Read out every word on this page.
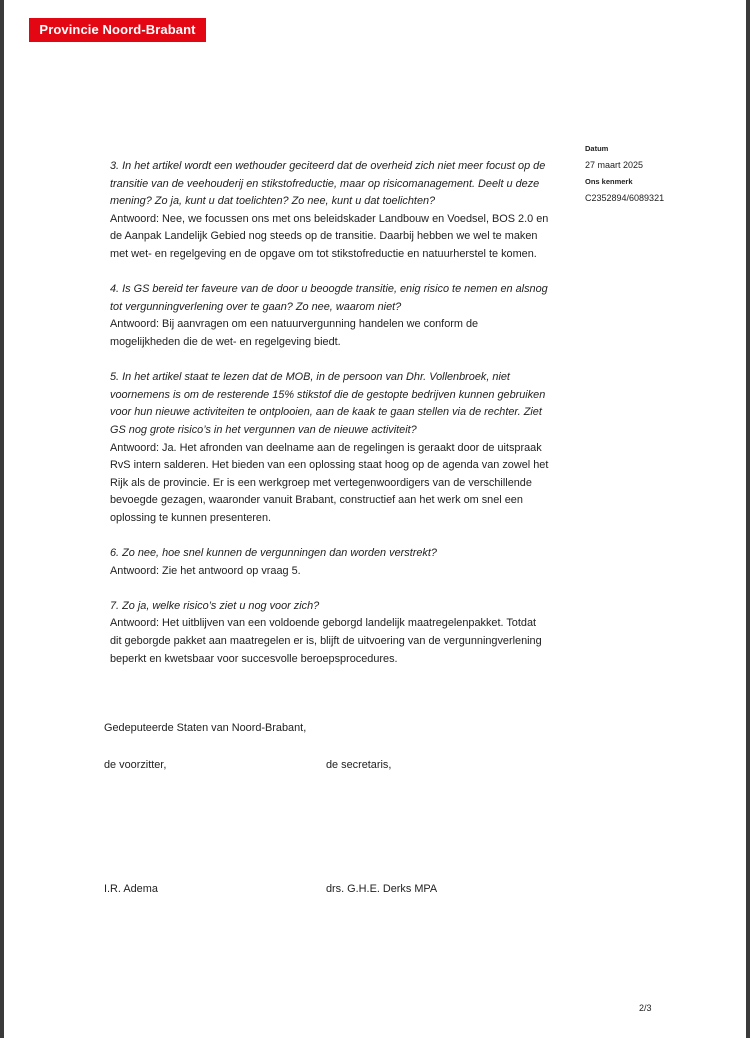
Provincie Noord-Brabant
Datum
27 maart 2025
Ons kenmerk
C2352894/6089321
3. In het artikel wordt een wethouder geciteerd dat de overheid zich niet meer focust op de transitie van de veehouderij en stikstofreductie, maar op risicomanagement. Deelt u deze mening? Zo ja, kunt u dat toelichten? Zo nee, kunt u dat toelichten?
Antwoord: Nee, we focussen ons met ons beleidskader Landbouw en Voedsel, BOS 2.0 en de Aanpak Landelijk Gebied nog steeds op de transitie. Daarbij hebben we wel te maken met wet- en regelgeving en de opgave om tot stikstofreductie en natuurherstel te komen.
4. Is GS bereid ter faveure van de door u beoogde transitie, enig risico te nemen en alsnog tot vergunningverlening over te gaan? Zo nee, waarom niet?
Antwoord: Bij aanvragen om een natuurvergunning handelen we conform de mogelijkheden die de wet- en regelgeving biedt.
5. In het artikel staat te lezen dat de MOB, in de persoon van Dhr. Vollenbroek, niet voornemens is om de resterende 15% stikstof die de gestopte bedrijven kunnen gebruiken voor hun nieuwe activiteiten te ontplooien, aan de kaak te gaan stellen via de rechter. Ziet GS nog grote risico’s in het vergunnen van de nieuwe activiteit?
Antwoord: Ja. Het afronden van deelname aan de regelingen is geraakt door de uitspraak RvS intern salderen. Het bieden van een oplossing staat hoog op de agenda van zowel het Rijk als de provincie. Er is een werkgroep met vertegenwoordigers van de verschillende bevoegde gezagen, waaronder vanuit Brabant, constructief aan het werk om snel een oplossing te kunnen presenteren.
6. Zo nee, hoe snel kunnen de vergunningen dan worden verstrekt?
Antwoord: Zie het antwoord op vraag 5.
7. Zo ja, welke risico’s ziet u nog voor zich?
Antwoord: Het uitblijven van een voldoende geborgd landelijk maatregelenpakket. Totdat dit geborgde pakket aan maatregelen er is, blijft de uitvoering van de vergunningverlening beperkt en kwetsbaar voor succesvolle beroepsprocedures.
Gedeputeerde Staten van Noord-Brabant,
de voorzitter,	de secretaris,
I.R. Adema	drs. G.H.E. Derks MPA
2/3
